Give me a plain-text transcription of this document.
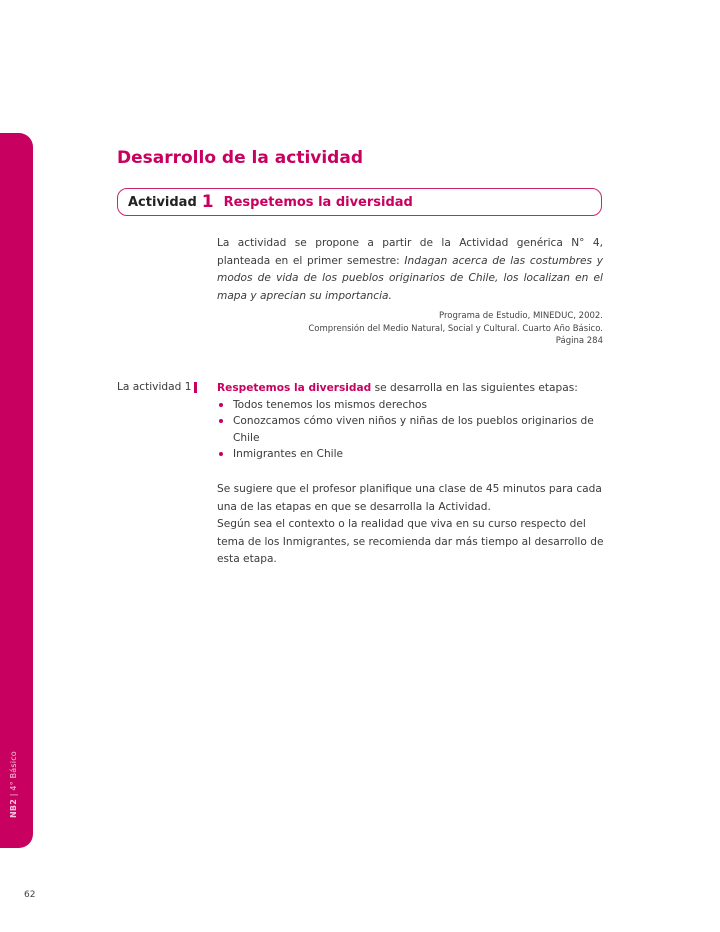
NB2 | 4° Básico
Desarrollo de la actividad
Actividad 1 Respetemos la diversidad

La actividad se propone a partir de la Actividad genérica N° 4, planteada en el primer semestre: Indagan acerca de las costumbres y modos de vida de los pueblos originarios de Chile, los localizan en el mapa y aprecian su importancia.

Programa de Estudio, MINEDUC, 2002.
Comprensión del Medio Natural, Social y Cultural. Cuarto Año Básico.
Página 284
La actividad 1 Respetemos la diversidad se desarrolla en las siguientes etapas:
Todos tenemos los mismos derechos
Conozcamos cómo viven niños y niñas de los pueblos originarios de Chile
Inmigrantes en Chile
Se sugiere que el profesor planifique una clase de 45 minutos para cada una de las etapas en que se desarrolla la Actividad.
Según sea el contexto o la realidad que viva en su curso respecto del tema de los Inmigrantes, se recomienda dar más tiempo al desarrollo de esta etapa.
62
